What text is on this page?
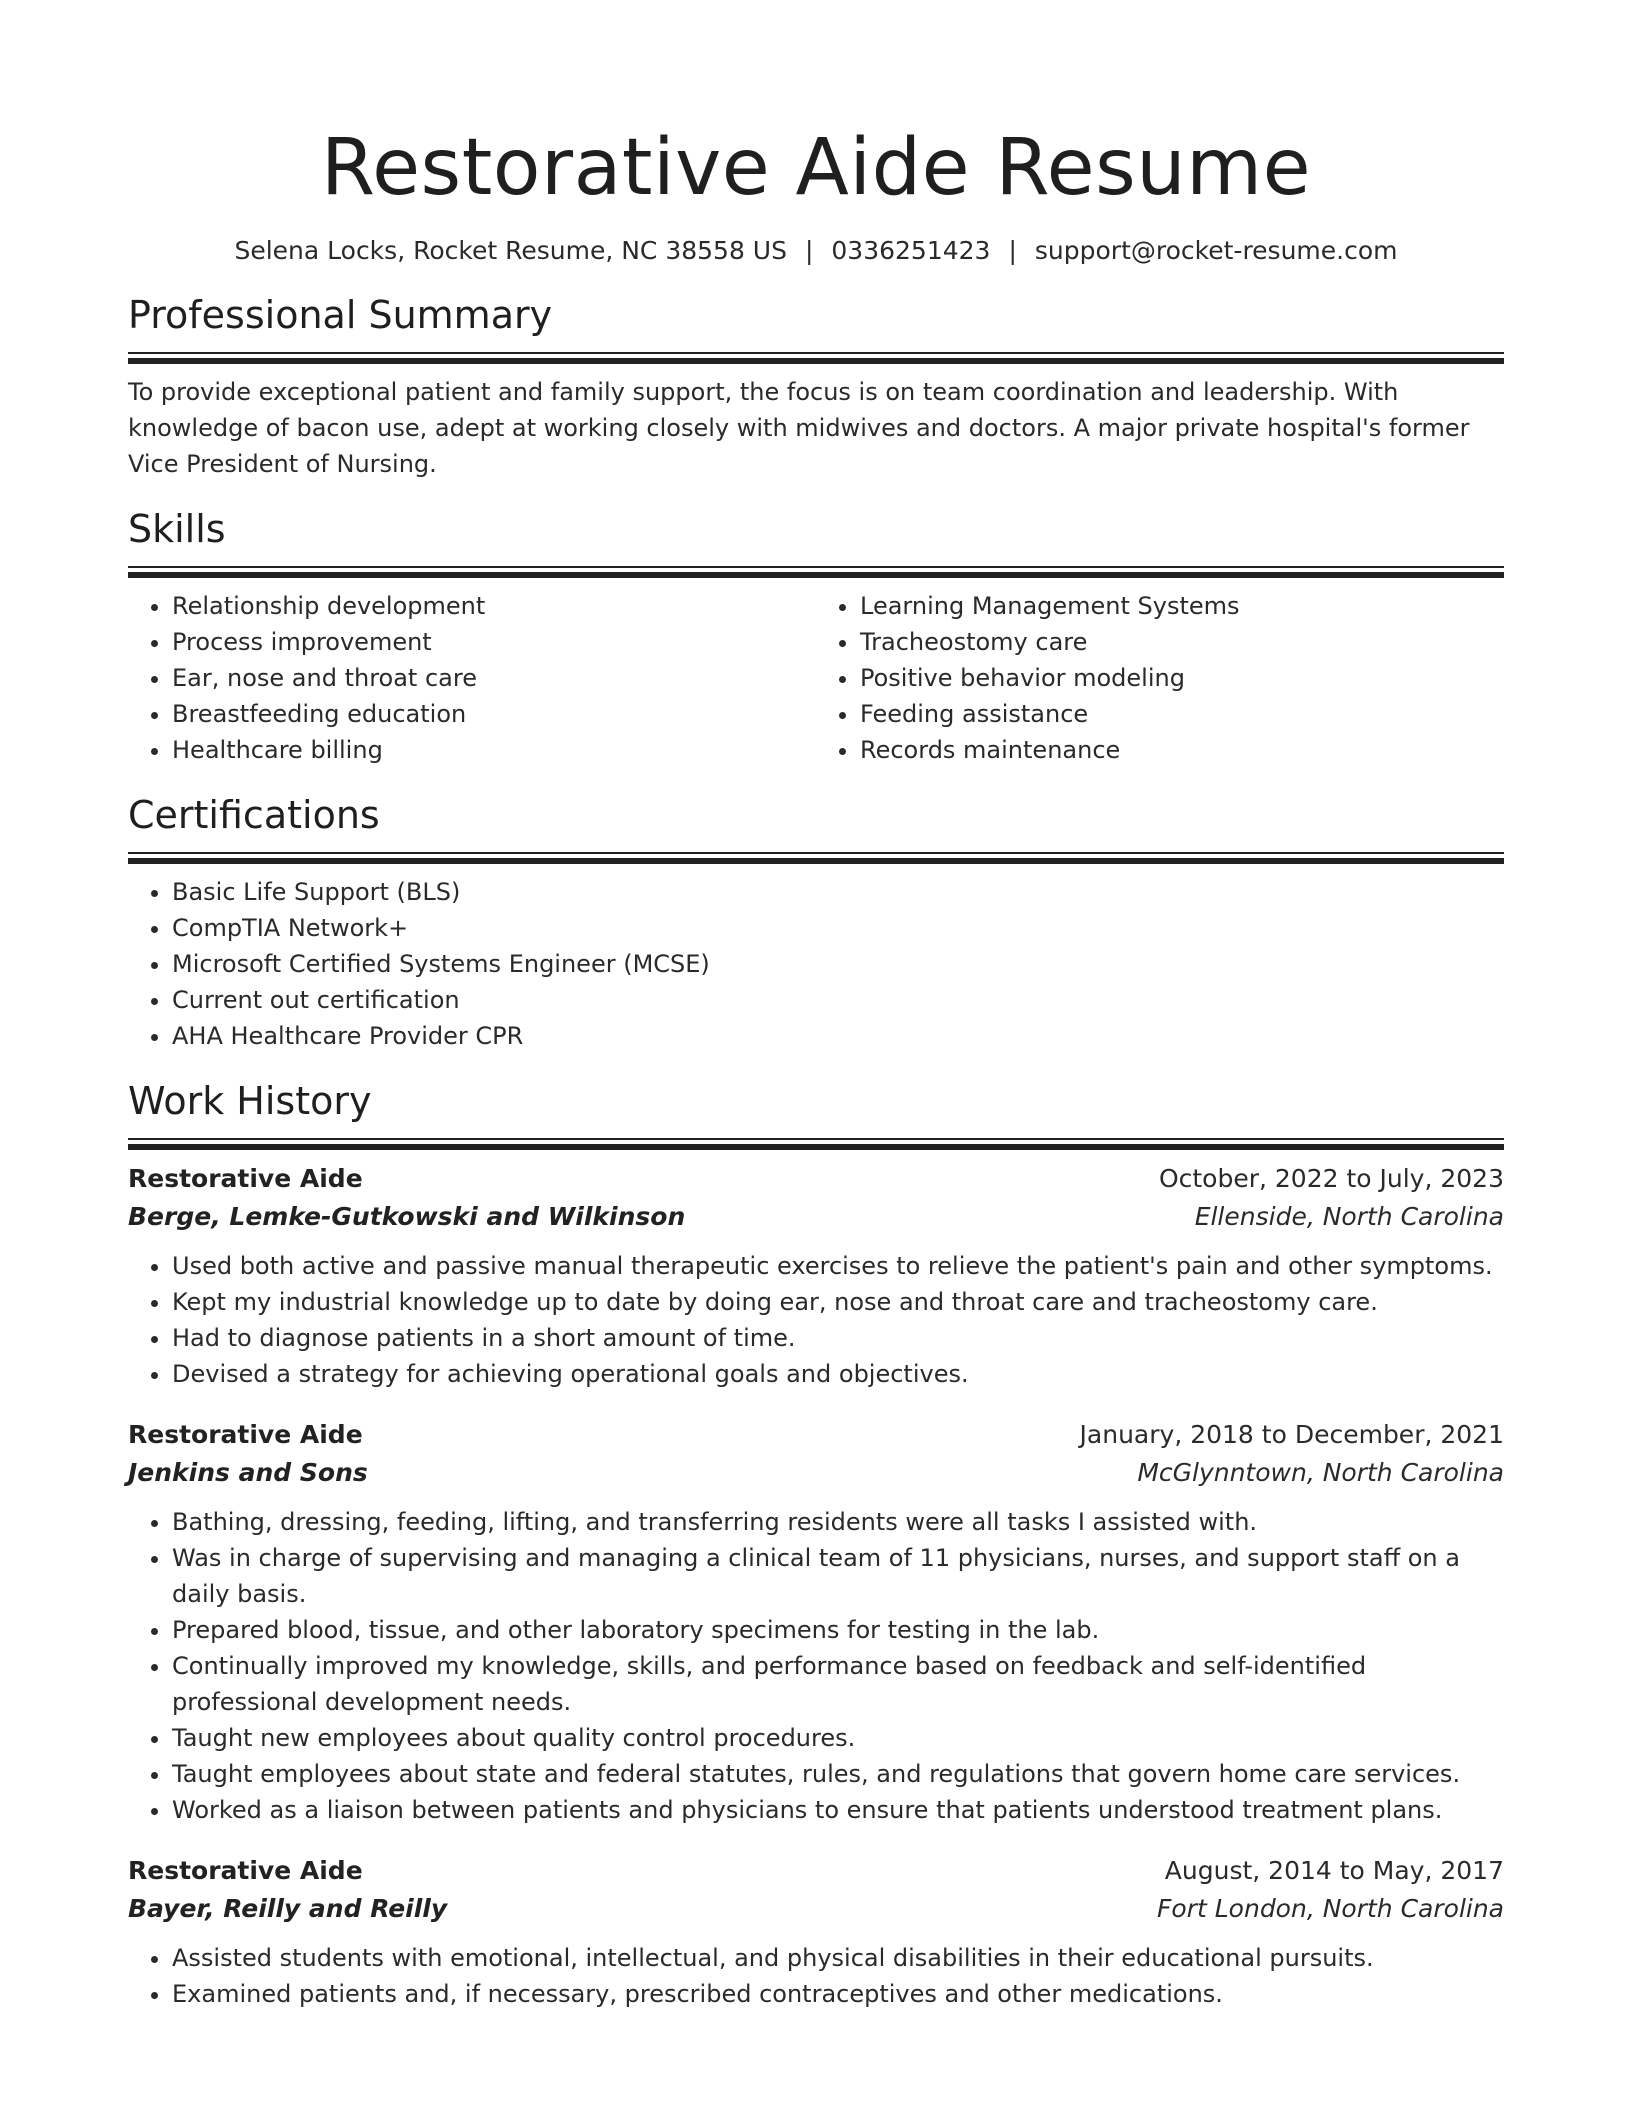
Restorative Aide Resume
Selena Locks, Rocket Resume, NC 38558 US | 0336251423 | support@rocket-resume.com
Professional Summary

To provide exceptional patient and family support, the focus is on team coordination and leadership. With knowledge of bacon use, adept at working closely with midwives and doctors. A major private hospital's former Vice President of Nursing.

Skills
• Relationship development
• Process improvement
• Ear, nose and throat care
• Breastfeeding education
• Healthcare billing
• Learning Management Systems
• Tracheostomy care
• Positive behavior modeling
• Feeding assistance
• Records maintenance
Certifications
• Basic Life Support (BLS)
• CompTIA Network+
• Microsoft Certified Systems Engineer (MCSE)
• Current out certification
• AHA Healthcare Provider CPR
Work History
Restorative Aide	October, 2022 to July, 2023
Berge, Lemke-Gutkowski and Wilkinson	Ellenside, North Carolina
• Used both active and passive manual therapeutic exercises to relieve the patient's pain and other symptoms.
• Kept my industrial knowledge up to date by doing ear, nose and throat care and tracheostomy care.
• Had to diagnose patients in a short amount of time.
• Devised a strategy for achieving operational goals and objectives.
Restorative Aide	January, 2018 to December, 2021
Jenkins and Sons	McGlynntown, North Carolina
• Bathing, dressing, feeding, lifting, and transferring residents were all tasks I assisted with.
• Was in charge of supervising and managing a clinical team of 11 physicians, nurses, and support staff on a daily basis.
• Prepared blood, tissue, and other laboratory specimens for testing in the lab.
• Continually improved my knowledge, skills, and performance based on feedback and self-identified professional development needs.
• Taught new employees about quality control procedures.
• Taught employees about state and federal statutes, rules, and regulations that govern home care services.
• Worked as a liaison between patients and physicians to ensure that patients understood treatment plans.
Restorative Aide	August, 2014 to May, 2017
Bayer, Reilly and Reilly	Fort London, North Carolina
• Assisted students with emotional, intellectual, and physical disabilities in their educational pursuits.
• Examined patients and, if necessary, prescribed contraceptives and other medications.
